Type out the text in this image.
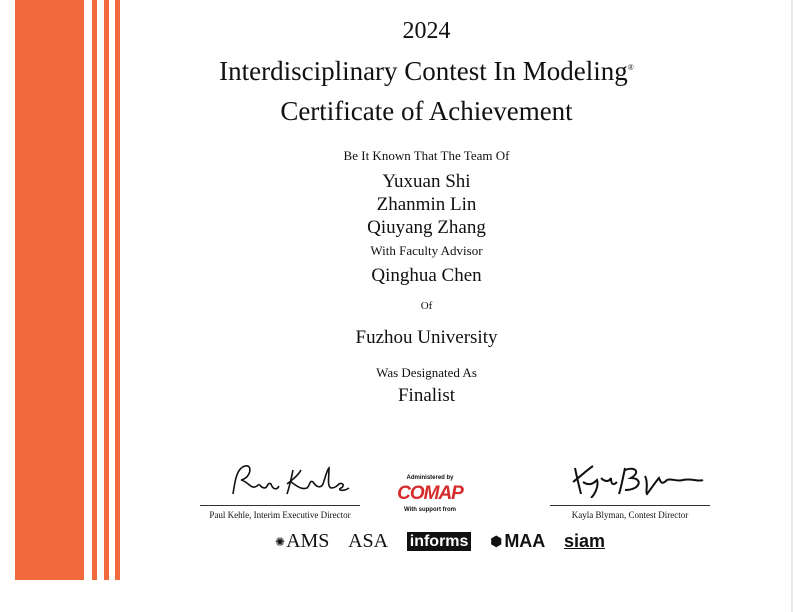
2024
Interdisciplinary Contest In Modeling®
Certificate of Achievement
Be It Known That The Team Of
Yuxuan Shi
Zhanmin Lin
Qiuyang Zhang
With Faculty Advisor
Qinghua Chen
Of
Fuzhou University
Was Designated As
Finalist
Paul Kehle, Interim Executive Director	Kayla Blyman, Contest Director
Administered by
COMAP
With support from
✺ AMS ASA informs ⬢ MAA siam
